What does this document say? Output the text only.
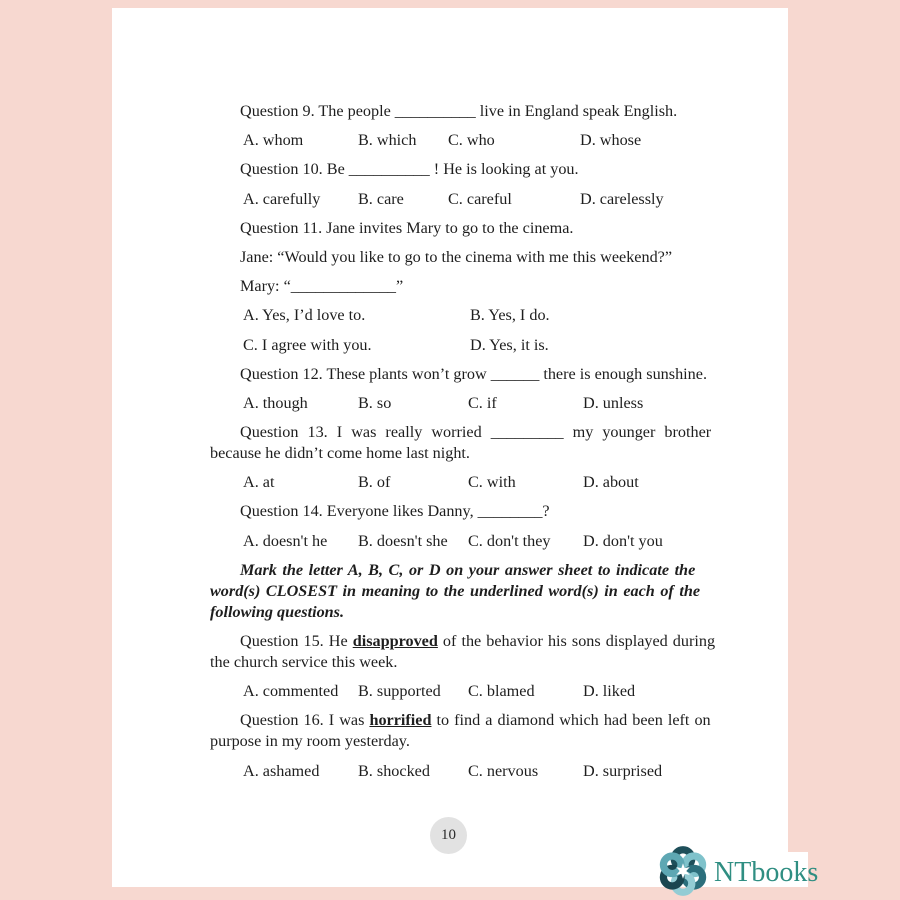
Question 9. The people __________ live in England speak English.
A. whom	B. which C. who	D. whose
Question 10. Be __________ ! He is looking at you.
A. carefully B. care	C. careful	D. carelessly
Question 11. Jane invites Mary to go to the cinema.
Jane: “Would you like to go to the cinema with me this weekend?”
Mary: “_____________”
A. Yes, I’d love to.	B. Yes, I do.
C. I agree with you.	D. Yes, it is.
Question 12. These plants won’t grow ______ there is enough sunshine.
A. though	B. so	C. if	D. unless
Question 13. I was really worried _________ my younger brother
because he didn’t come home last night.
A. at	B. of	C. with	D. about
Question 14. Everyone likes Danny, ________?
A. doesn't he B. doesn't she C. don't they D. don't you
Mark the letter A, B, C, or D on your answer sheet to indicate the
word(s) CLOSEST in meaning to the underlined word(s) in each of the
following questions.
Question 15. He disapproved of the behavior his sons displayed during
the church service this week.
A. commented B. supported C. blamed	D. liked
Question 16. I was horrified to find a diamond which had been left on
purpose in my room yesterday.
A. ashamed B. shocked C. nervous	D. surprised
10
NTbooks
